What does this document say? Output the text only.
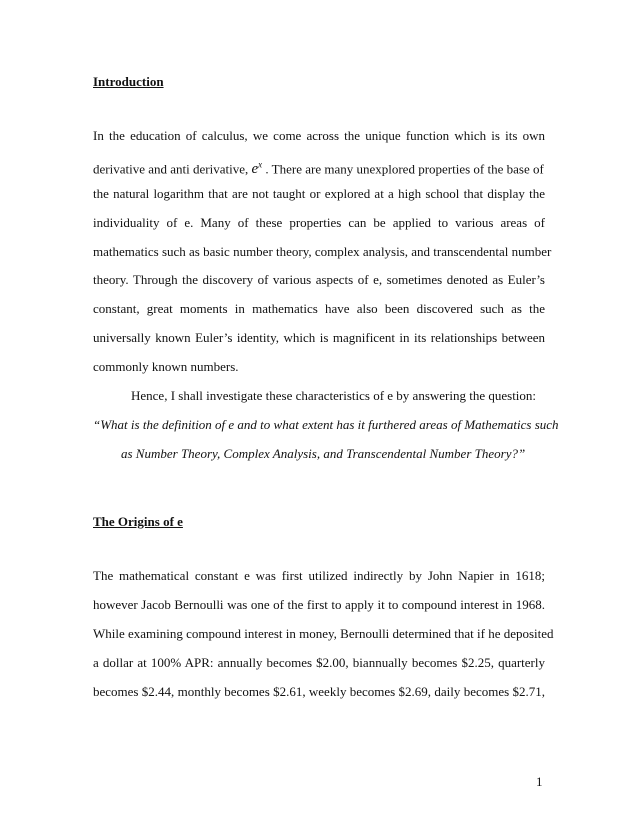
Introduction
In the education of calculus, we come across the unique function which is its own
derivative and anti derivative, $e^x$ . There are many unexplored properties of the base of
the natural logarithm that are not taught or explored at a high school that display the
individuality of e. Many of these properties can be applied to various areas of
mathematics such as basic number theory, complex analysis, and transcendental number
theory. Through the discovery of various aspects of e, sometimes denoted as Euler’s
constant, great moments in mathematics have also been discovered such as the
universally known Euler’s identity, which is magnificent in its relationships between
commonly known numbers.
Hence, I shall investigate these characteristics of e by answering the question:
“What is the definition of e and to what extent has it furthered areas of Mathematics such
as Number Theory, Complex Analysis, and Transcendental Number Theory?”
The Origins of e
The mathematical constant e was first utilized indirectly by John Napier in 1618;
however Jacob Bernoulli was one of the first to apply it to compound interest in 1968.
While examining compound interest in money, Bernoulli determined that if he deposited
a dollar at 100% APR: annually becomes $2.00, biannually becomes $2.25, quarterly
becomes $2.44, monthly becomes $2.61, weekly becomes $2.69, daily becomes $2.71,
1
